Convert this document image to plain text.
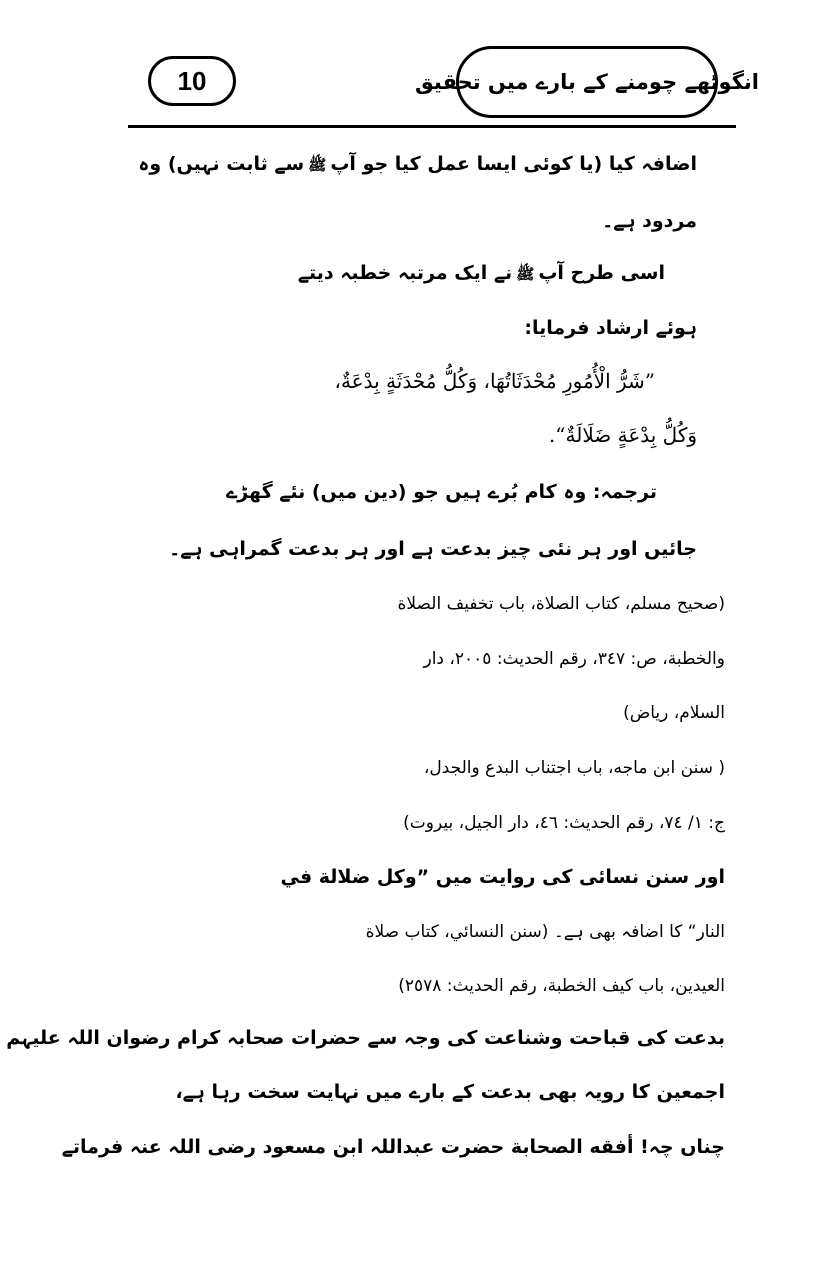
10	انگوٹھے چومنے کے بارے میں تحقیق
اضافہ کیا (یا کوئی ایسا عمل کیا جو آپﷺسے ثابت نہیں) وہ
مردود ہے۔
اسی طرح آپﷺنے ایک مرتبہ خطبہ دیتے
ہوئے ارشاد فرمایا:
”شَرُّ الْأُمُورِ مُحْدَثَاتُهَا، وَكُلُّ مُحْدَثَةٍ بِدْعَةٌ،
وَكُلُّ بِدْعَةٍ ضَلَالَةٌ“.
ترجمہ: وہ کام بُرے ہیں جو (دین میں) نئے گھڑے
جائیں اور ہر نئی چیز بدعت ہے اور ہر بدعت گمراہی ہے۔
(صحيح مسلم، كتاب الصلاة، باب تخفيف الصلاة
والخطبة، ص: ٣٤٧، رقم الحديث: ٢٠٠٥، دار
السلام، رياض)
( سنن ابن ماجه، باب اجتناب البدع والجدل،
ج: ١/ ٧٤، رقم الحديث: ٤٦، دار الجيل، بيروت)
اور سنن نسائی کی روایت میں ”وكل ضلالة في
النار“ کا اضافہ بھی ہے۔ (سنن النسائي، كتاب صلاة
العيدين، باب كيف الخطبة، رقم الحديث: ٢٥٧٨)
بدعت کی قباحت وشناعت کی وجہ سے حضرات صحابہ کرام رضوان اللہ علیہم
اجمعین کا رویہ بھی بدعت کے بارے میں نہایت سخت رہا ہے،
چناں چہ! أفقه الصحابة حضرت عبداللہ ابن مسعود رضی اللہ عنہ فرماتے
